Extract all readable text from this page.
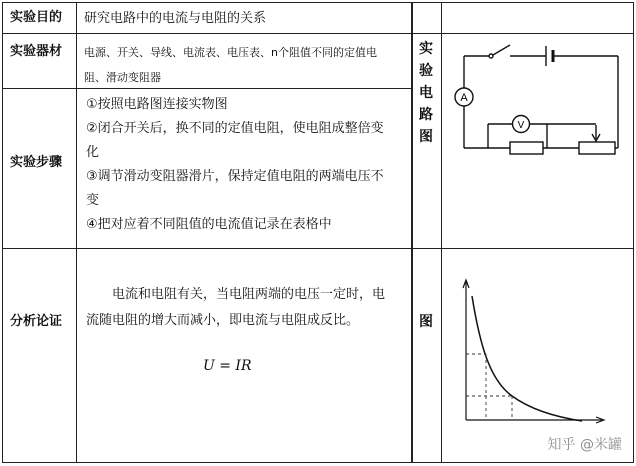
实验目的 研究电路中的电流与电阻的关系
实验器材 电源、开关、导线、电流表、电压表、n个阻值不同的定值电
阻、滑动变阻器
实验步骤
①按照电路图连接实物图
②闭合开关后，换不同的定值电阻，使电阻成整倍变
化
③调节滑动变阻器滑片，保持定值电阻的两端电压不
变
④把对应着不同阻值的电流值记录在表格中
实
验
电
路
图
A
V
分析论证
电流和电阻有关，当电阻两端的电压一定时，电
流随电阻的增大而减小，即电流与电阻成反比。
U = IR
图
知乎 @米罐
